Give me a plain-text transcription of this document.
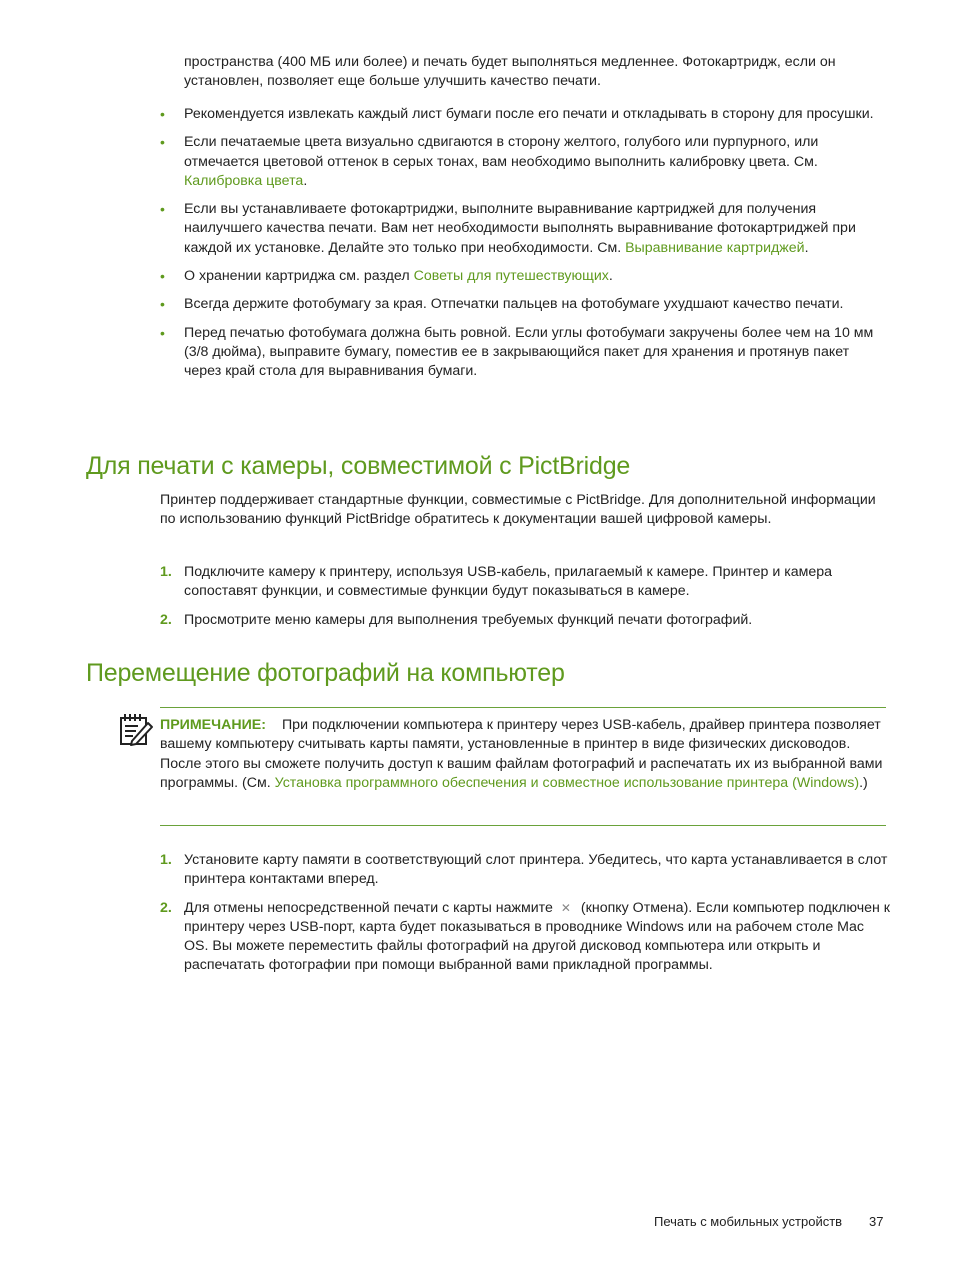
пространства (400 МБ или более) и печать будет выполняться медленнее. Фотокартридж, если он установлен, позволяет еще больше улучшить качество печати.
• Рекомендуется извлекать каждый лист бумаги после его печати и откладывать в сторону для просушки.
• Если печатаемые цвета визуально сдвигаются в сторону желтого, голубого или пурпурного, или отмечается цветовой оттенок в серых тонах, вам необходимо выполнить калибровку цвета. См. Калибровка цвета.
• Если вы устанавливаете фотокартриджи, выполните выравнивание картриджей для получения наилучшего качества печати. Вам нет необходимости выполнять выравнивание фотокартриджей при каждой их установке. Делайте это только при необходимости. См. Выравнивание картриджей.
• О хранении картриджа см. раздел Советы для путешествующих.
• Всегда держите фотобумагу за края. Отпечатки пальцев на фотобумаге ухудшают качество печати.
• Перед печатью фотобумага должна быть ровной. Если углы фотобумаги закручены более чем на 10 мм (3/8 дюйма), выправите бумагу, поместив ее в закрывающийся пакет для хранения и протянув пакет через край стола для выравнивания бумаги.
Для печати с камеры, совместимой с PictBridge
Принтер поддерживает стандартные функции, совместимые с PictBridge. Для дополнительной информации по использованию функций PictBridge обратитесь к документации вашей цифровой камеры.
1. Подключите камеру к принтеру, используя USB-кабель, прилагаемый к камере. Принтер и камера сопоставят функции, и совместимые функции будут показываться в камере.
2. Просмотрите меню камеры для выполнения требуемых функций печати фотографий.
Перемещение фотографий на компьютер
ПРИМЕЧАНИЕ: При подключении компьютера к принтеру через USB-кабель, драйвер принтера позволяет вашему компьютеру считывать карты памяти, установленные в принтер в виде физических дисководов. После этого вы сможете получить доступ к вашим файлам фотографий и распечатать их из выбранной вами программы. (См. Установка программного обеспечения и совместное использование принтера (Windows).)
1. Установите карту памяти в соответствующий слот принтера. Убедитесь, что карта устанавливается в слот принтера контактами вперед.
2. Для отмены непосредственной печати с карты нажмите ✕ (кнопку Отмена). Если компьютер подключен к принтеру через USB-порт, карта будет показываться в проводнике Windows или на рабочем столе Mac OS. Вы можете переместить файлы фотографий на другой дисковод компьютера или открыть и распечатать фотографии при помощи выбранной вами прикладной программы.
Печать с мобильных устройств 37
